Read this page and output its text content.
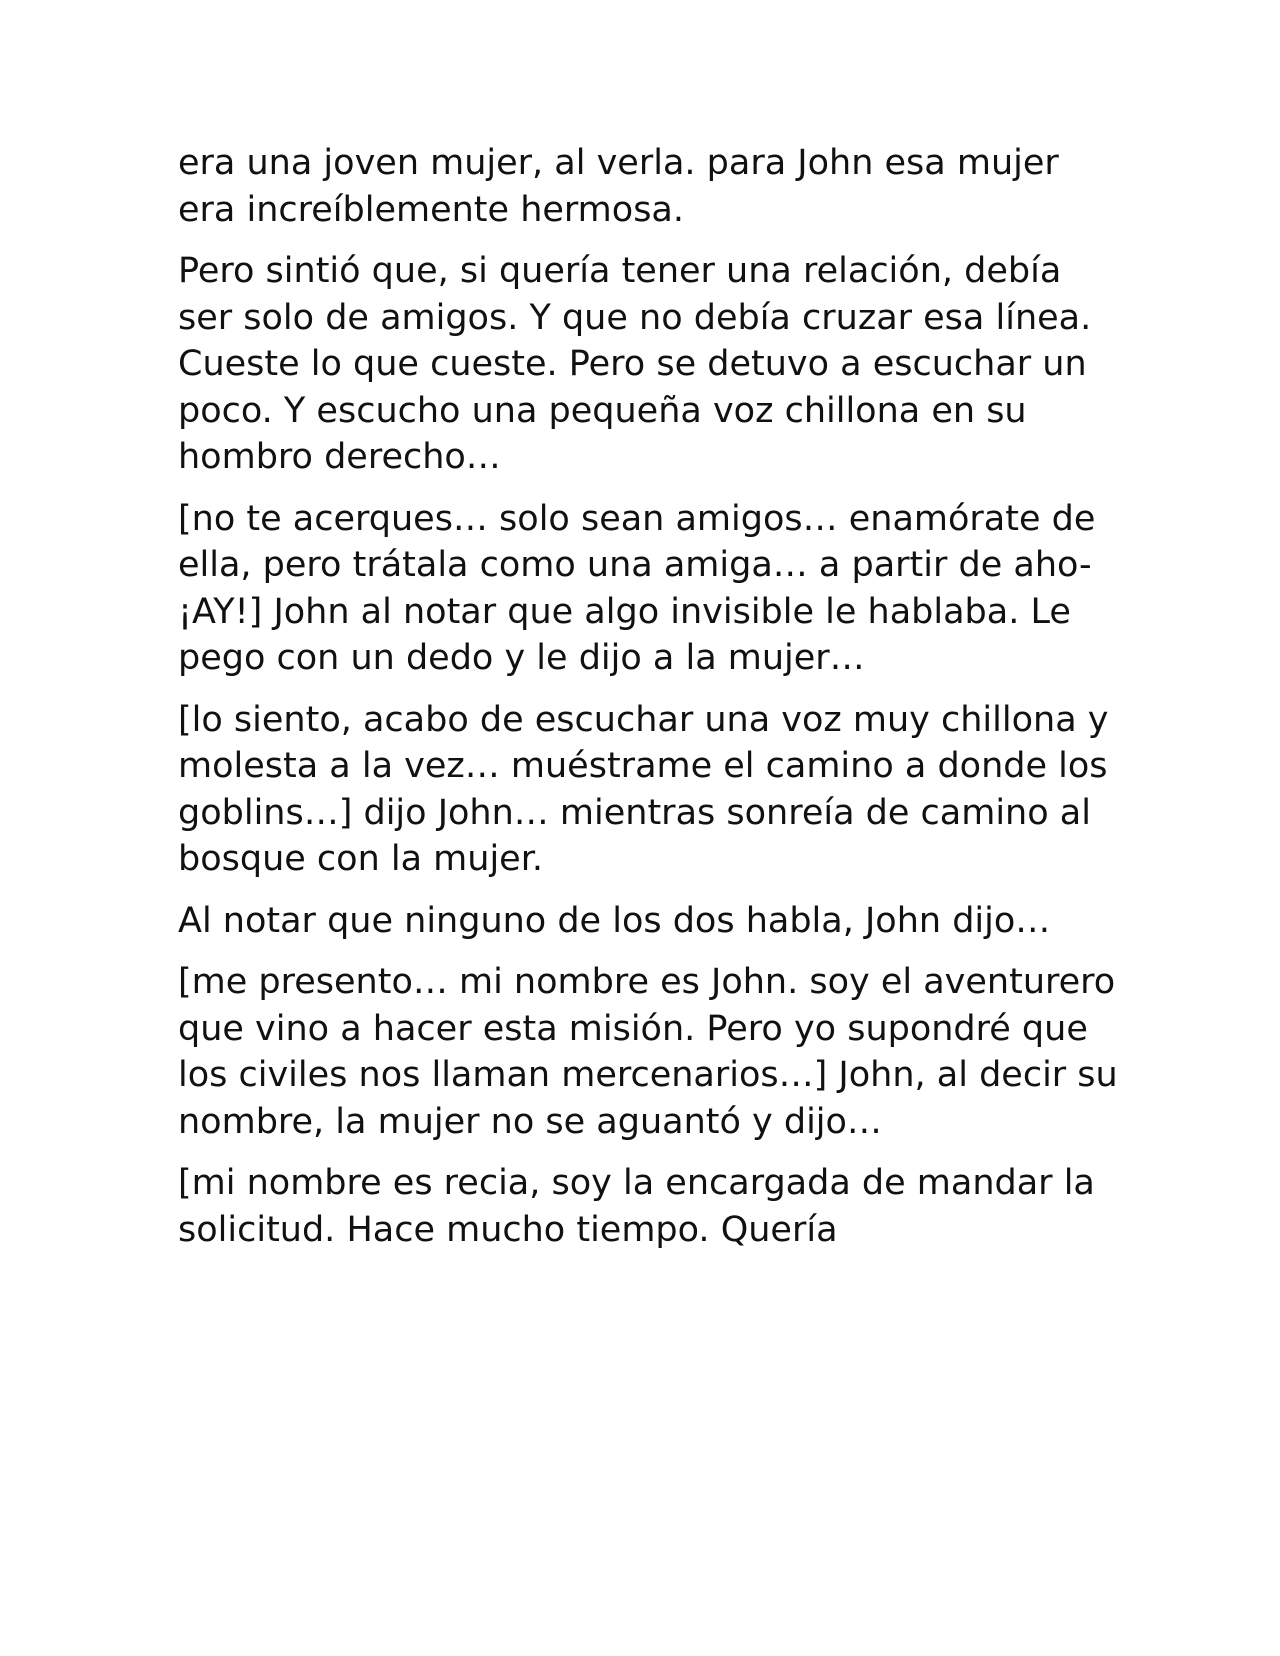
era una joven mujer, al verla. para John esa mujer era increíblemente hermosa.

Pero sintió que, si quería tener una relación, debía ser solo de amigos. Y que no debía cruzar esa línea. Cueste lo que cueste. Pero se detuvo a escuchar un poco. Y escucho una pequeña voz chillona en su hombro derecho…

[no te acerques… solo sean amigos… enamórate de ella, pero trátala como una amiga… a partir de aho- ¡AY!] John al notar que algo invisible le hablaba. Le pego con un dedo y le dijo a la mujer…

[lo siento, acabo de escuchar una voz muy chillona y molesta a la vez… muéstrame el camino a donde los goblins…] dijo John… mientras sonreía de camino al bosque con la mujer.

Al notar que ninguno de los dos habla, John dijo…

[me presento… mi nombre es John. soy el aventurero que vino a hacer esta misión. Pero yo supondré que los civiles nos llaman mercenarios…] John, al decir su nombre, la mujer no se aguantó y dijo…

[mi nombre es recia, soy la encargada de mandar la solicitud. Hace mucho tiempo. Quería
